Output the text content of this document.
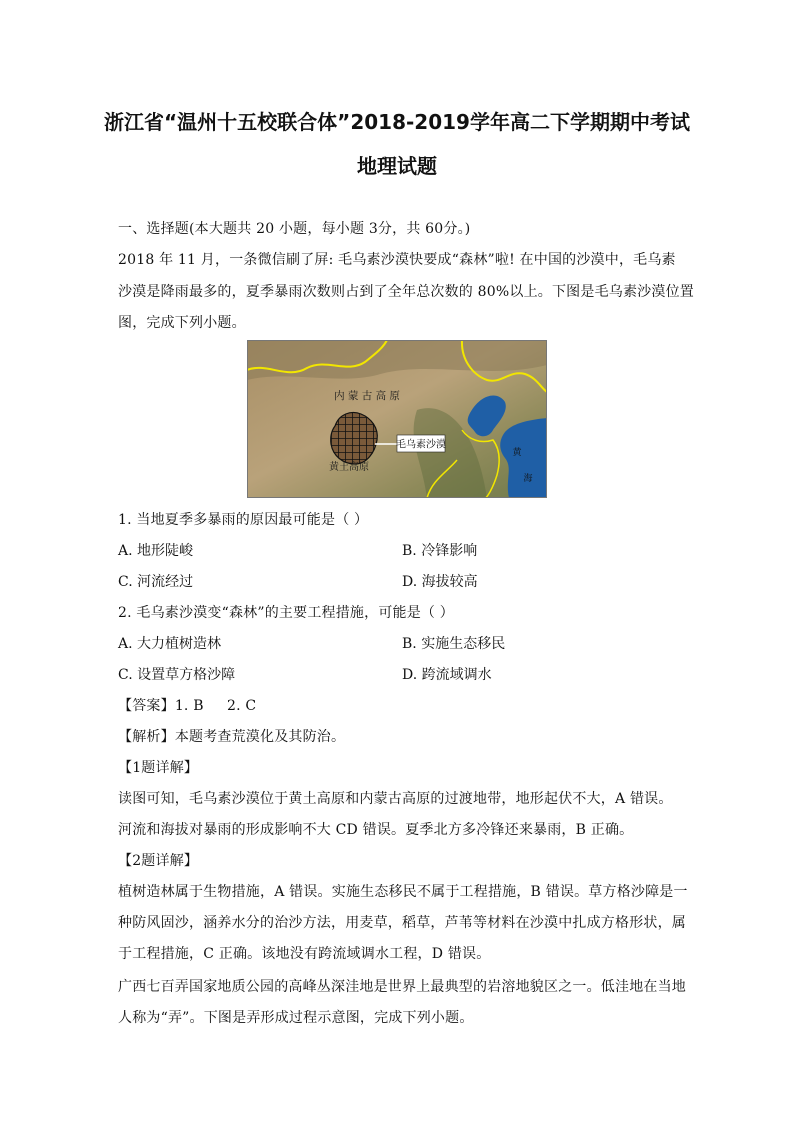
浙江省“温州十五校联合体”2018-2019学年高二下学期期中考试
地理试题
一、选择题(本大题共 20 小题，每小题 3分，共 60分。)
2018 年 11 月，一条微信刷了屏: 毛乌素沙漠快要成“森林”啦! 在中国的沙漠中，毛乌素
沙漠是降雨最多的，夏季暴雨次数则占到了全年总次数的 80%以上。下图是毛乌素沙漠位置
图，完成下列小题。
毛乌素沙漠
内 蒙 古 高 原
黄土高原
黄
海
1. 当地夏季多暴雨的原因最可能是（ ）
A. 地形陡峻	B. 冷锋影响
C. 河流经过	D. 海拔较高
2. 毛乌素沙漠变“森林”的主要工程措施，可能是（ ）
A. 大力植树造林	B. 实施生态移民
C. 设置草方格沙障	D. 跨流域调水
【答案】1. B     2. C
【解析】本题考查荒漠化及其防治。
【1题详解】
读图可知，毛乌素沙漠位于黄土高原和内蒙古高原的过渡地带，地形起伏不大，A 错误。
河流和海拔对暴雨的形成影响不大 CD 错误。夏季北方多冷锋还来暴雨，B 正确。
【2题详解】
植树造林属于生物措施，A 错误。实施生态移民不属于工程措施，B 错误。草方格沙障是一
种防风固沙，涵养水分的治沙方法，用麦草，稻草，芦苇等材料在沙漠中扎成方格形状，属
于工程措施，C 正确。该地没有跨流域调水工程，D 错误。
广西七百弄国家地质公园的高峰丛深洼地是世界上最典型的岩溶地貌区之一。低洼地在当地
人称为“弄”。下图是弄形成过程示意图，完成下列小题。
